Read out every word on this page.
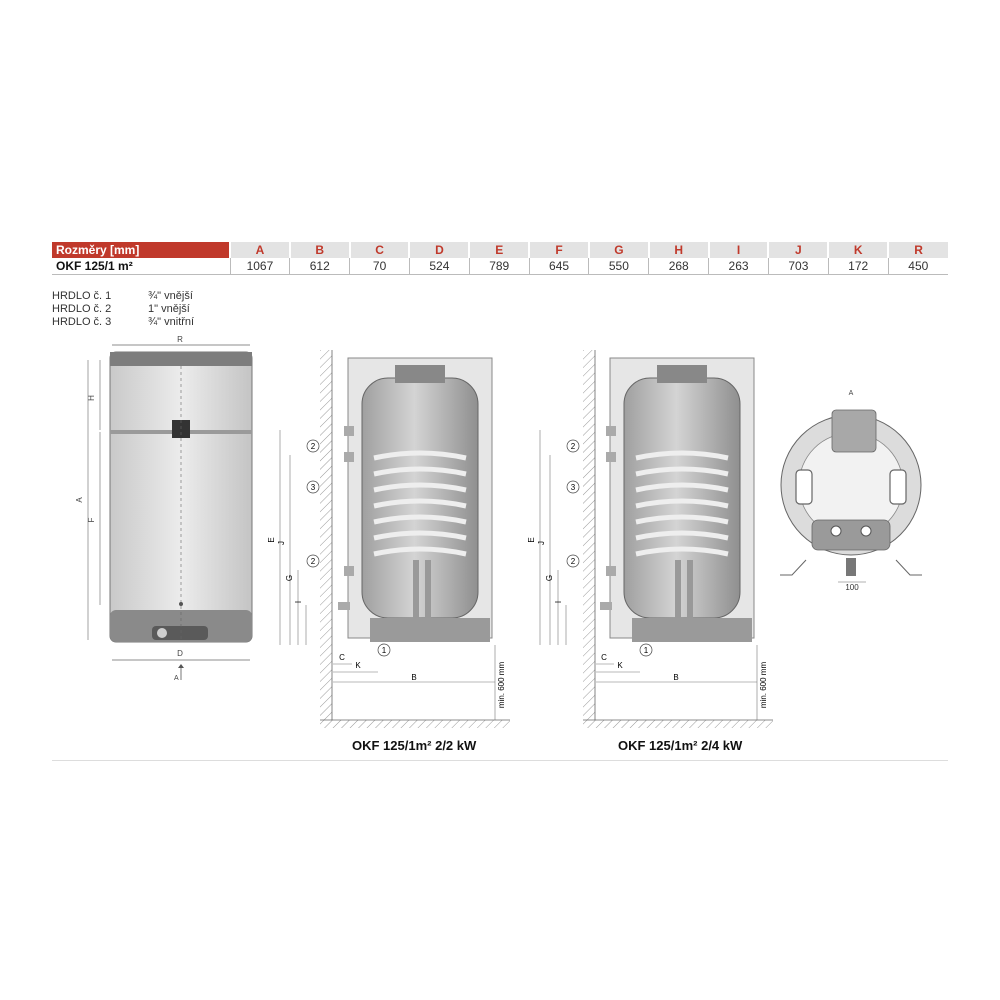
Rozměry [mm]	A	B	C	D	E	F	G	H	I	J	K	R
OKF 125/1 m²	1067	612	70	524	789	645	550	268	263	703	172	450
HRDLO č. 1	¾" vnější
HRDLO č. 2	1" vnější
HRDLO č. 3	¾" vnitřní
R
H
A
F
D
A
2
3
2
1
E
J
G
I
C
K
B	min. 600 mm
2
3
2
1
E
J
G
I
C
K
B	min. 600 mm
A
100
OKF 125/1m² 2/2 kW	OKF 125/1m² 2/4 kW
